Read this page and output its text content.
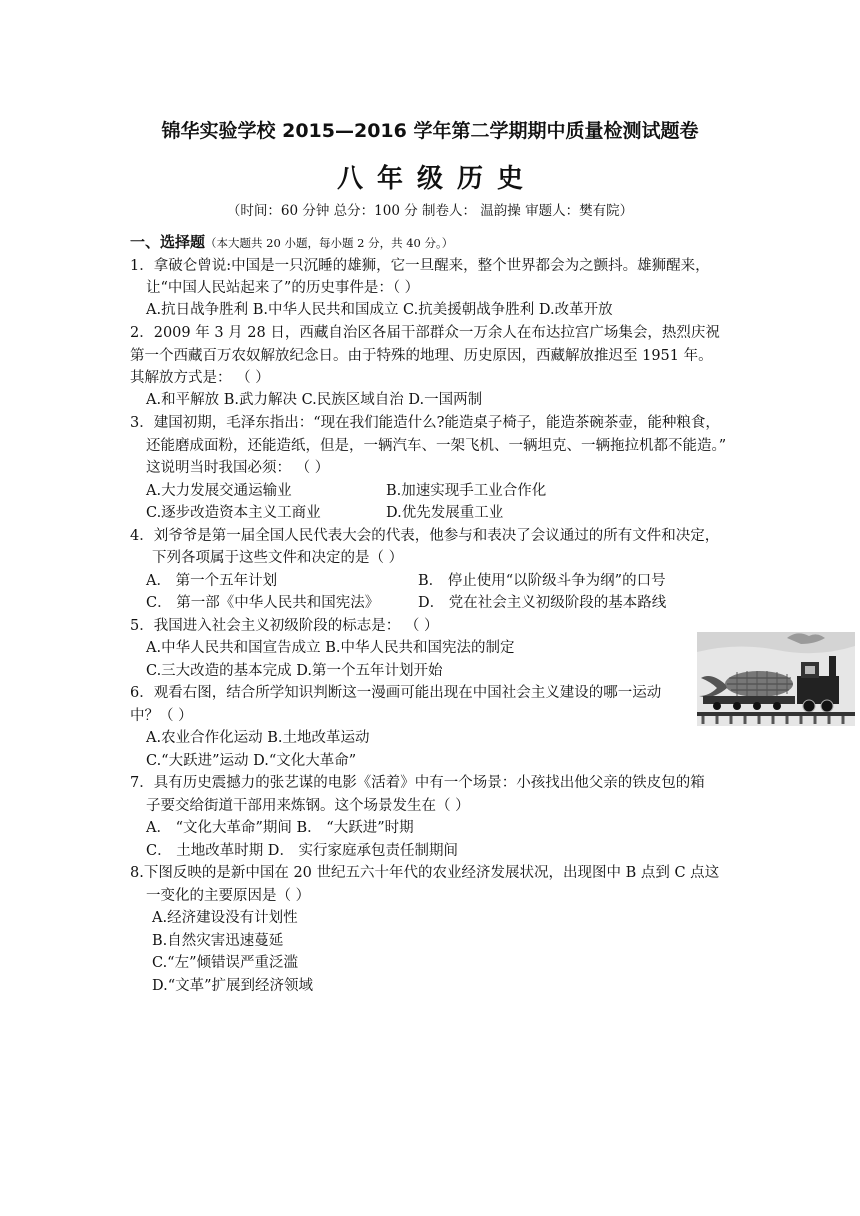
锦华实验学校 2015—2016 学年第二学期期中质量检测试题卷
八年级历史
（时间：60 分钟 总分：100 分 制卷人： 温韵操 审题人：樊有院）
一、选择题（本大题共 20 小题，每小题 2 分，共 40 分。）
1．拿破仑曾说:中国是一只沉睡的雄狮，它一旦醒来，整个世界都会为之颤抖。雄狮醒来，
让“中国人民站起来了”的历史事件是：（ ）
A.抗日战争胜利 B.中华人民共和国成立 C.抗美援朝战争胜利 D.改革开放
2．2009 年 3 月 28 日，西藏自治区各届干部群众一万余人在布达拉宫广场集会，热烈庆祝
第一个西藏百万农奴解放纪念日。由于特殊的地理、历史原因，西藏解放推迟至 1951 年。
其解放方式是： （ ）
A.和平解放 B.武力解决 C.民族区域自治 D.一国两制
3．建国初期，毛泽东指出：“现在我们能造什么?能造桌子椅子，能造茶碗茶壶，能种粮食，
还能磨成面粉，还能造纸，但是，一辆汽车、一架飞机、一辆坦克、一辆拖拉机都不能造。”
这说明当时我国必须： （ ）
A.大力发展交通运输业	B.加速实现手工业合作化
C.逐步改造资本主义工商业	D.优先发展重工业
4．刘爷爷是第一届全国人民代表大会的代表，他参与和表决了会议通过的所有文件和决定，
下列各项属于这些文件和决定的是（ ）
A． 第一个五年计划	B． 停止使用“以阶级斗争为纲”的口号
C． 第一部《中华人民共和国宪法》	D． 党在社会主义初级阶段的基本路线
5．我国进入社会主义初级阶段的标志是： （ ）
A.中华人民共和国宣告成立 B.中华人民共和国宪法的制定
C.三大改造的基本完成 D.第一个五年计划开始
6．观看右图，结合所学知识判断这一漫画可能出现在中国社会主义建设的哪一运动
中？（ ）
A.农业合作化运动 B.土地改革运动
C.“大跃进”运动 D.“文化大革命”
7．具有历史震撼力的张艺谋的电影《活着》中有一个场景：小孩找出他父亲的铁皮包的箱
子要交给街道干部用来炼钢。这个场景发生在（ ）
A． “文化大革命”期间 B． “大跃进”时期
C． 土地改革时期 D． 实行家庭承包责任制期间
8.下图反映的是新中国在 20 世纪五六十年代的农业经济发展状况，出现图中 B 点到 C 点这
一变化的主要原因是（ ）
A.经济建设没有计划性
B.自然灾害迅速蔓延
C.“左”倾错误严重泛滥
D.“文革”扩展到经济领域
